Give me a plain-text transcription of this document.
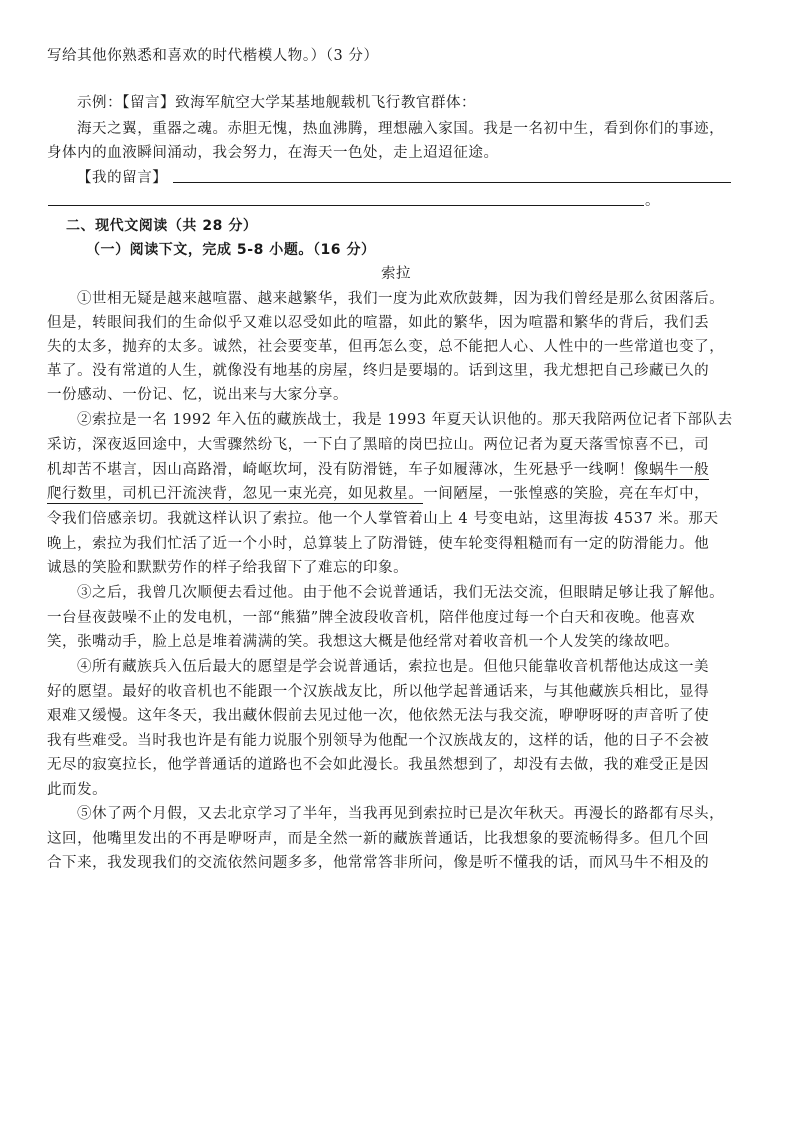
写给其他你熟悉和喜欢的时代楷模人物。）（3 分）
示例：【留言】致海军航空大学某基地舰载机飞行教官群体：
海天之翼，重器之魂。赤胆无愧，热血沸腾，理想融入家国。我是一名初中生，看到你们的事迹，
身体内的血液瞬间涌动，我会努力，在海天一色处，走上迢迢征途。
【我的留言】
。
二、现代文阅读（共 28 分）
（一）阅读下文，完成 5-8 小题。（16 分）
索拉
①世相无疑是越来越喧嚣、越来越繁华，我们一度为此欢欣鼓舞，因为我们曾经是那么贫困落后。
但是，转眼间我们的生命似乎又难以忍受如此的喧嚣，如此的繁华，因为喧嚣和繁华的背后，我们丢
失的太多，抛弃的太多。诚然，社会要变革，但再怎么变，总不能把人心、人性中的一些常道也变了，
革了。没有常道的人生，就像没有地基的房屋，终归是要塌的。话到这里，我尤想把自己珍藏已久的
一份感动、一份记、忆，说出来与大家分享。
②索拉是一名 1992 年入伍的藏族战士，我是 1993 年夏天认识他的。那天我陪两位记者下部队去
采访，深夜返回途中，大雪骤然纷飞，一下白了黑暗的岗巴拉山。两位记者为夏天落雪惊喜不已，司
机却苦不堪言，因山高路滑，崎岖坎坷，没有防滑链，车子如履薄冰，生死悬乎一线啊！像蜗牛一般
爬行数里，司机已汗流浃背，忽见一束光亮，如见救星。一间陋屋，一张惶惑的笑脸，亮在车灯中，
令我们倍感亲切。我就这样认识了索拉。他一个人掌管着山上 4 号变电站，这里海拔 4537 米。那天
晚上，索拉为我们忙活了近一个小时，总算装上了防滑链，使车轮变得粗糙而有一定的防滑能力。他
诚恳的笑脸和默默劳作的样子给我留下了难忘的印象。
③之后，我曾几次顺便去看过他。由于他不会说普通话，我们无法交流，但眼睛足够让我了解他。
一台昼夜鼓噪不止的发电机，一部“熊猫”牌全波段收音机，陪伴他度过每一个白天和夜晚。他喜欢
笑，张嘴动手，脸上总是堆着满满的笑。我想这大概是他经常对着收音机一个人发笑的缘故吧。
④所有藏族兵入伍后最大的愿望是学会说普通话，索拉也是。但他只能靠收音机帮他达成这一美
好的愿望。最好的收音机也不能跟一个汉族战友比，所以他学起普通话来，与其他藏族兵相比，显得
艰难又缓慢。这年冬天，我出藏休假前去见过他一次，他依然无法与我交流，咿咿呀呀的声音听了使
我有些难受。当时我也许是有能力说服个别领导为他配一个汉族战友的，这样的话，他的日子不会被
无尽的寂寞拉长，他学普通话的道路也不会如此漫长。我虽然想到了，却没有去做，我的难受正是因
此而发。
⑤休了两个月假，又去北京学习了半年，当我再见到索拉时已是次年秋天。再漫长的路都有尽头，
这回，他嘴里发出的不再是咿呀声，而是全然一新的藏族普通话，比我想象的要流畅得多。但几个回
合下来，我发现我们的交流依然问题多多，他常常答非所问，像是听不懂我的话，而风马牛不相及的
